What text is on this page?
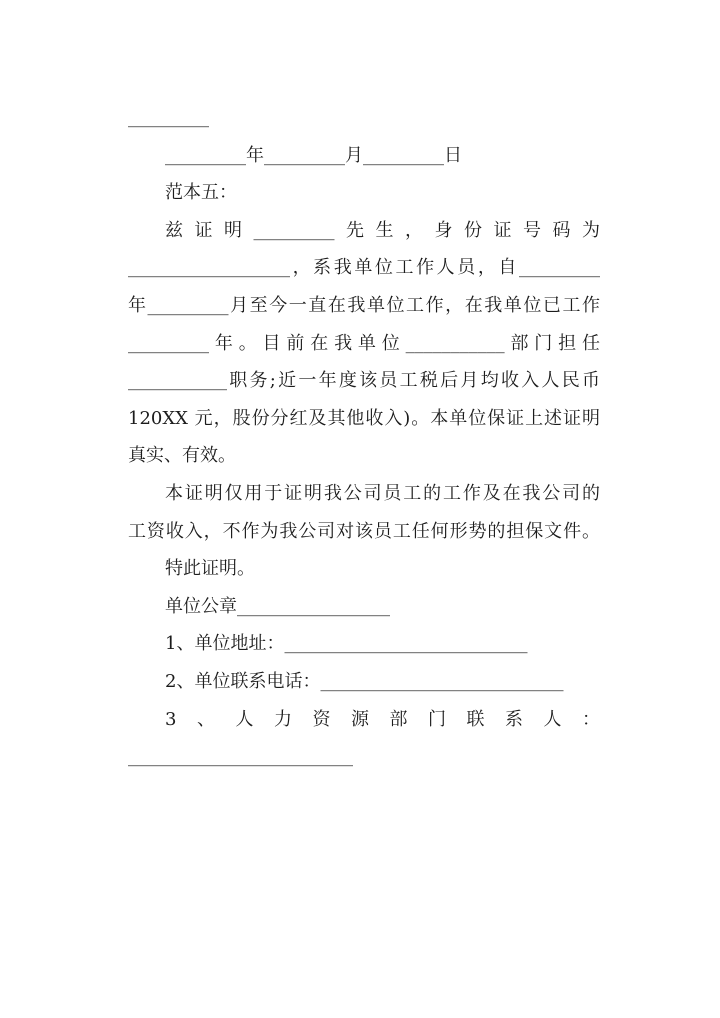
_________
_________年_________月_________日
范本五：
兹证明_________先生，身份证号码为
__________________，系我单位工作人员，自_________
年_________月至今一直在我单位工作，在我单位已工作
_________年。目前在我单位___________部门担任
___________职务;近一年度该员工税后月均收入人民币
120XX 元，股份分红及其他收入)。本单位保证上述证明
真实、有效。
本证明仅用于证明我公司员工的工作及在我公司的
工资收入，不作为我公司对该员工任何形势的担保文件。
特此证明。
单位公章_________________
1、单位地址：___________________________
2、单位联系电话：___________________________
3、人力资源部门联系人：
_________________________
